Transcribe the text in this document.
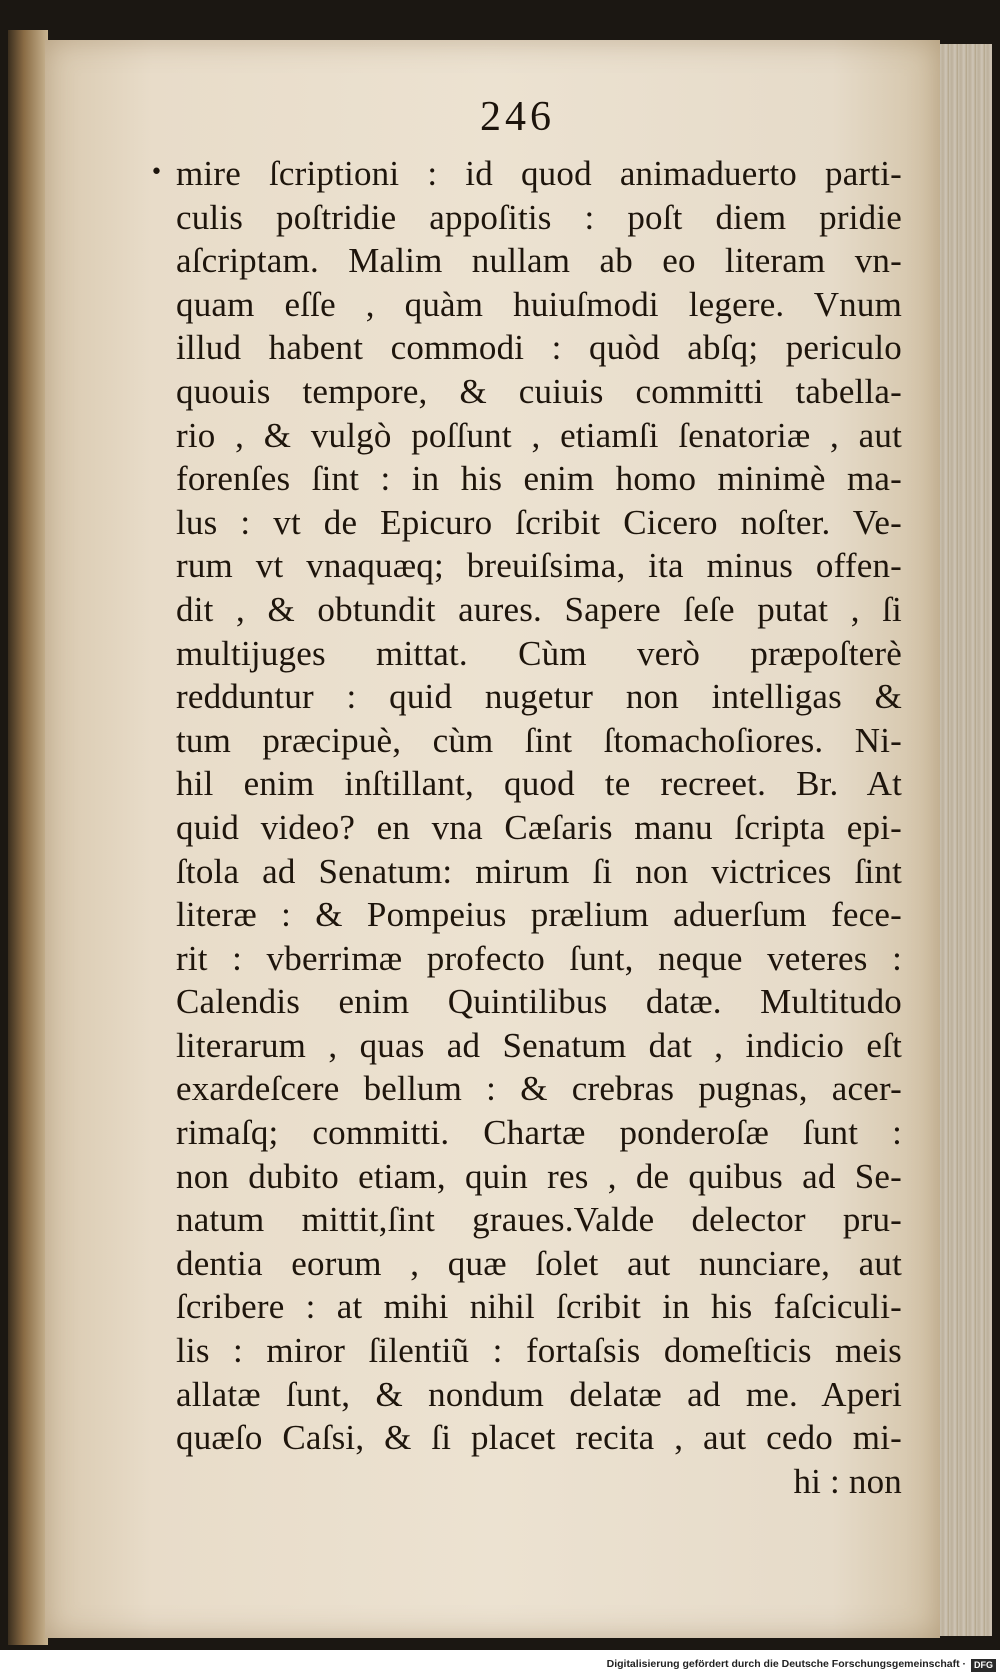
246
• mire ſcriptioni : id quod animaduerto parti-
culis poſtridie appoſitis : poſt diem pridie
aſcriptam. Malim nullam ab eo literam vn-
quam eſſe , quàm huiuſmodi legere. Vnum
illud habent commodi : quòd abſq; periculo
quouis tempore, & cuiuis committi tabella-
rio , & vulgò poſſunt , etiamſi ſenatoriæ , aut
forenſes ſint : in his enim homo minimè ma-
lus : vt de Epicuro ſcribit Cicero noſter. Ve-
rum vt vnaquæq; breuiſsima, ita minus offen-
dit , & obtundit aures. Sapere ſeſe putat , ſi
multijuges mittat. Cùm verò præpoſterè
redduntur : quid nugetur non intelligas &
tum præcipuè, cùm ſint ſtomachoſiores. Ni-
hil enim inſtillant, quod te recreet. Br. At
quid video? en vna Cæſaris manu ſcripta epi-
ſtola ad Senatum: mirum ſi non victrices ſint
literæ : & Pompeius prælium aduerſum fece-
rit : vberrimæ profecto ſunt, neque veteres :
Calendis enim Quintilibus datæ. Multitudo
literarum , quas ad Senatum dat , indicio eſt
exardeſcere bellum : & crebras pugnas, acer-
rimaſq; committi. Chartæ ponderoſæ ſunt :
non dubito etiam, quin res , de quibus ad Se-
natum mittit,ſint graues.Valde delector pru-
dentia eorum , quæ ſolet aut nunciare, aut
ſcribere : at mihi nihil ſcribit in his faſciculi-
lis : miror ſilentiũ : fortaſsis domeſticis meis
allatæ ſunt, & nondum delatæ ad me. Aperi
quæſo Caſsi, & ſi placet recita , aut cedo mi-
hi : non
Digitalisierung gefördert durch die Deutsche Forschungsgemeinschaft · DFG
